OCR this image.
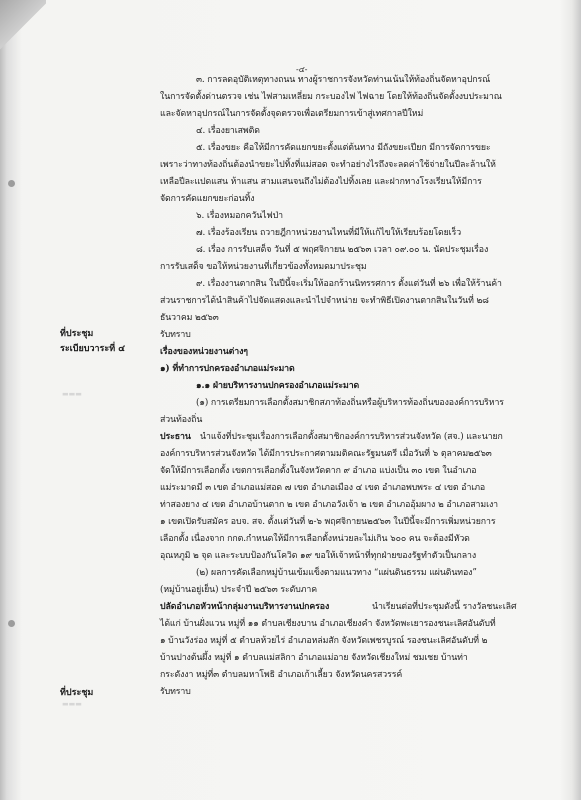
▬▬▬
▬▬▬
-๔-
๓. การลดอุบัติเหตุทางถนน ทางผู้ราชการจังหวัดท่านเน้นให้ท้องถิ่นจัดหาอุปกรณ์
ในการจัดตั้งด่านตรวจ เช่น ไฟสามเหลี่ยม กระบองไฟ ไฟฉาย โดยให้ท้องถิ่นจัดตั้งงบประมาณ
และจัดหาอุปกรณ์ในการจัดตั้งจุดตรวจเพื่อเตรียมการเข้าสู่เทศกาลปีใหม่
๔. เรื่องยาเสพติด
๕. เรื่องขยะ คือให้มีการคัดแยกขยะตั้งแต่ต้นทาง มีถังขยะเปียก มีการจัดการขยะ
เพราะว่าทางท้องถิ่นต้องนำขยะไปทิ้งที่แม่สอด จะทำอย่างไรถึงจะลดค่าใช้จ่ายในปีละล้านให้
เหลือปีละแปดแสน ห้าแสน สามแสนจนถึงไม่ต้องไปทิ้งเลย และฝากทางโรงเรียนให้มีการ
จัดการคัดแยกขยะก่อนทิ้ง
๖. เรื่องหมอกควันไฟป่า
๗. เรื่องร้องเรียน ถวายฎีกาหน่วยงานไหนที่มีให้แก้ไขให้เรียบร้อยโดยเร็ว
๘. เรื่อง การรับเสด็จ วันที่ ๕ พฤศจิกายน ๒๕๖๓ เวลา ๐๙.๐๐ น. นัดประชุมเรื่อง
การรับเสด็จ ขอให้หน่วยงานที่เกี่ยวข้องทั้งหมดมาประชุม
๙. เรื่องงานตากสิน ในปีนี้จะเริ่มให้ออกร้านนิทรรศการ ตั้งแต่วันที่ ๒๖ เพื่อให้ร้านค้า
ส่วนราชการได้นำสินค้าไปจัดแสดงและนำไปจำหน่าย จะทำพิธีเปิดงานตากสินในวันที่ ๒๘
ธันวาคม ๒๕๖๓
ที่ประชุม	รับทราบ
ระเบียบวาระที่ ๔	เรื่องของหน่วยงานต่างๆ
๑) ที่ทำการปกครองอำเภอแม่ระมาด
๑.๑ ฝ่ายบริหารงานปกครองอำเภอแม่ระมาด
(๑) การเตรียมการเลือกตั้งสมาชิกสภาท้องถิ่นหรือผู้บริหารท้องถิ่นขององค์การบริหาร
ส่วนท้องถิ่น
ประธาน นำแจ้งที่ประชุมเรื่องการเลือกตั้งสมาชิกองค์การบริหารส่วนจังหวัด (สจ.) และนายก
องค์การบริหารส่วนจังหวัด ได้มีการประกาศตามมติคณะรัฐมนตรี เมื่อวันที่ ๖ ตุลาคม๒๕๖๓
จัดให้มีการเลือกตั้ง เขตการเลือกตั้งในจังหวัดตาก ๙ อำเภอ แบ่งเป็น ๓๐ เขต ในอำเภอ
แม่ระมาดมี ๓ เขต อำเภอแม่สอด ๗ เขต อำเภอเมือง ๔ เขต อำเภอพบพระ ๔ เขต อำเภอ
ท่าสองยาง ๔ เขต อำเภอบ้านตาก ๒ เขต อำเภอวังเจ้า ๒ เขต อำเภออุ้มผาง ๒ อำเภอสามเงา
๑ เขตเปิดรับสมัคร อบจ. สจ. ตั้งแต่วันที่ ๒-๖ พฤศจิกายน๒๕๖๓ ในปีนี้จะมีการเพิ่มหน่วยการ
เลือกตั้ง เนื่องจาก กกต.กำหนดให้มีการเลือกตั้งหน่วยละไม่เกิน ๖๐๐ คน จะต้องมีหัวด
อุณหภูมิ ๒ จุด และระบบป้องกันโควิด ๑๙ ขอให้เจ้าหน้าที่ทุกฝ่ายของรัฐทำตัวเป็นกลาง
(๒) ผลการคัดเลือกหมู่บ้านเข้มแข็งตามแนวทาง “แผ่นดินธรรม แผ่นดินทอง”
(หมู่บ้านอยู่เย็น) ประจำปี ๒๕๖๓ ระดับภาค
ปลัดอำเภอหัวหน้ากลุ่มงานบริหารงานปกครอง	นำเรียนต่อที่ประชุมดังนี้ รางวัลชนะเลิศ
ได้แก่ บ้านฝั่งแวน หมู่ที่ ๑๑ ตำบลเชียงบาน อำเภอเชียงคำ จังหวัดพะเยารองชนะเลิศอันดับที่
๑ บ้านวังร่อง หมู่ที่ ๕ ตำบลห้วยไร่ อำเภอหล่มสัก จังหวัดเพชรบูรณ์ รองชนะเลิศอันดับที่ ๒
บ้านปางต้นผึ้ง หมู่ที่ ๑ ตำบลแม่สลิกา อำเภอแม่อาย จังหวัดเชียงใหม่ ชมเชย บ้านท่า
กระดังงา หมู่ที่๓ ตำบลมหาโพธิ อำเภอเก้าเลี้ยว จังหวัดนครสวรรค์
ที่ประชุม	รับทราบ
